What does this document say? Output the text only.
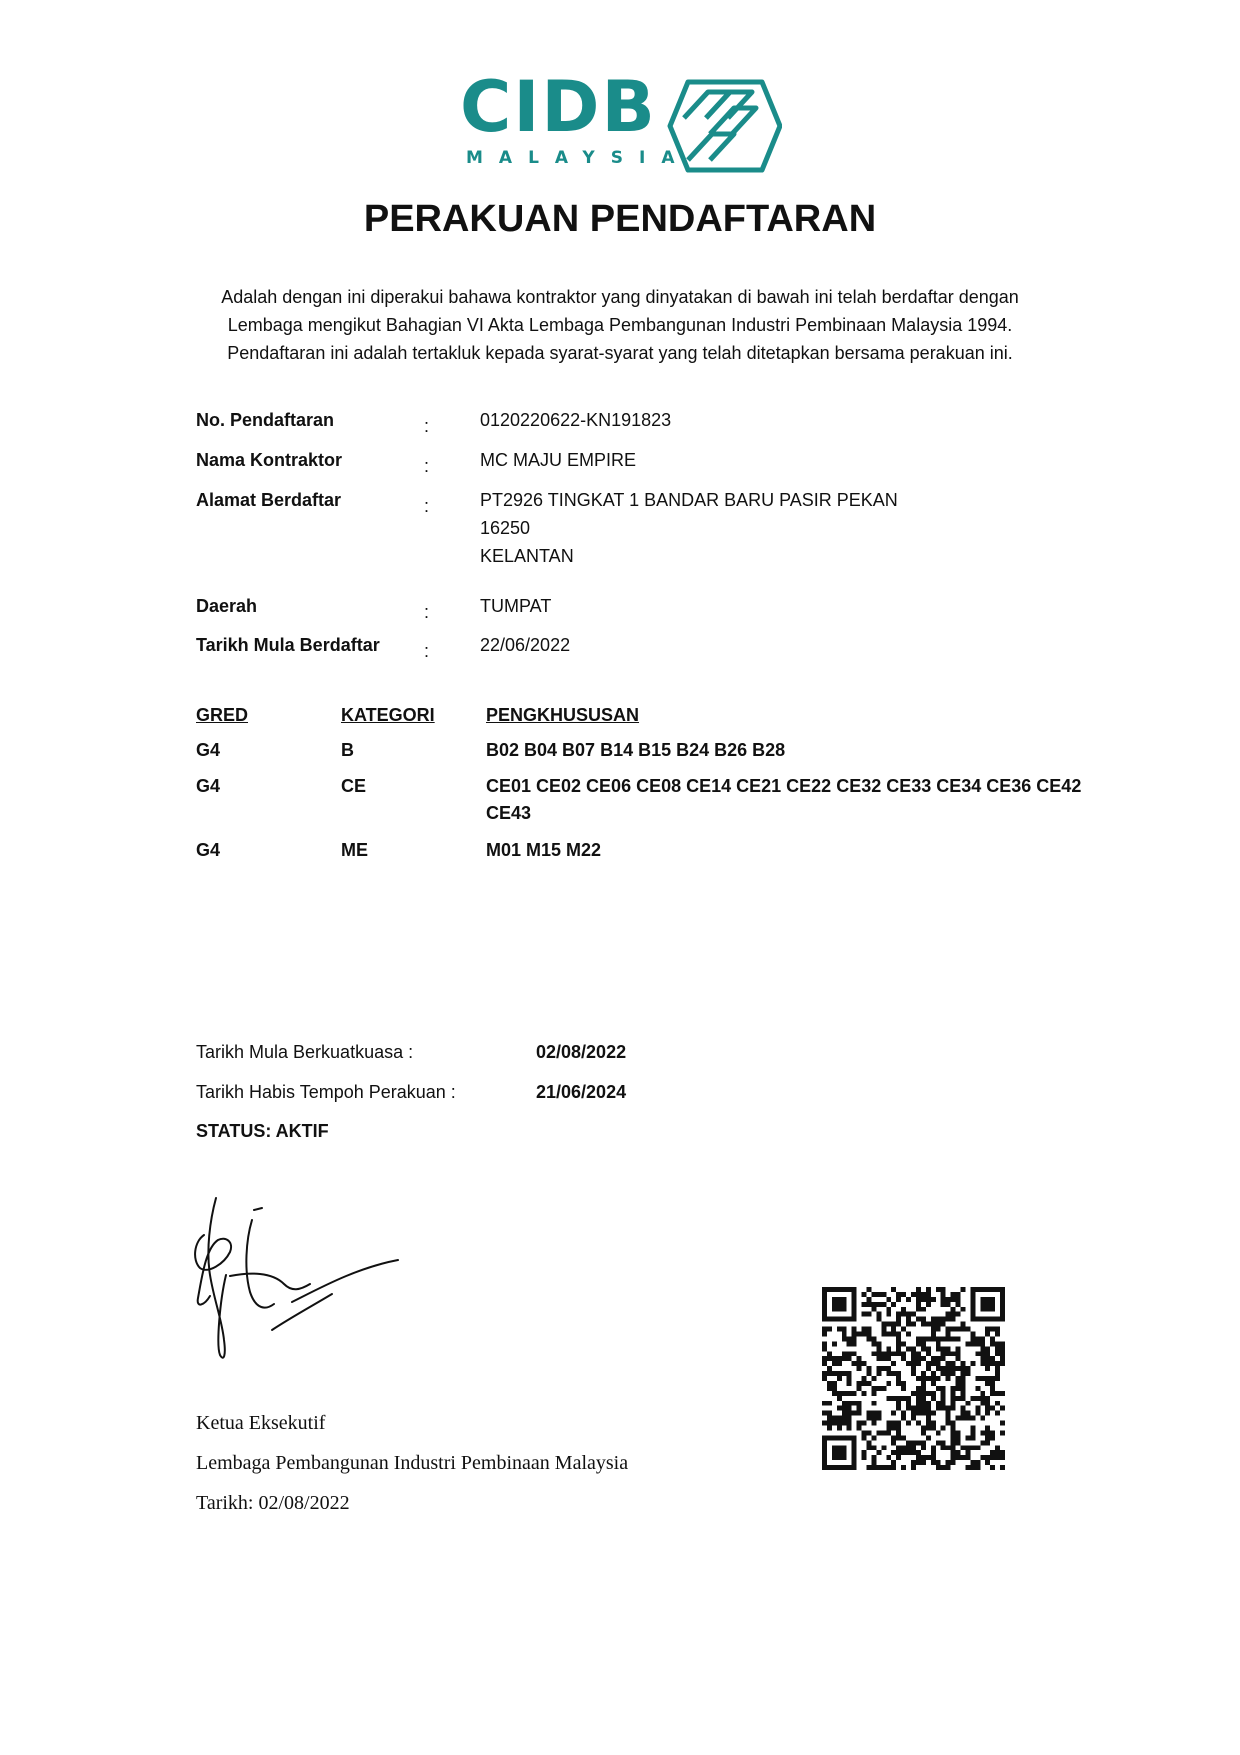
CIDB
MALAYSIA
PERAKUAN PENDAFTARAN
Adalah dengan ini diperakui bahawa kontraktor yang dinyatakan di bawah ini telah berdaftar dengan
Lembaga mengikut Bahagian VI Akta Lembaga Pembangunan Industri Pembinaan Malaysia 1994.
Pendaftaran ini adalah tertakluk kepada syarat-syarat yang telah ditetapkan bersama perakuan ini.
No. Pendaftaran	:	0120220622-KN191823
Nama Kontraktor	:	MC MAJU EMPIRE
Alamat Berdaftar	:	PT2926 TINGKAT 1 BANDAR BARU PASIR PEKAN
16250
KELANTAN
Daerah	:	TUMPAT
Tarikh Mula Berdaftar :	22/06/2022
GRED	KATEGORI	PENGKHUSUSAN
G4	B	B02 B04 B07 B14 B15 B24 B26 B28
G4	CE	CE01 CE02 CE06 CE08 CE14 CE21 CE22 CE32 CE33 CE34 CE36 CE42
CE43
G4	ME	M01 M15 M22
Tarikh Mula Berkuatkuasa :	02/08/2022
Tarikh Habis Tempoh Perakuan :	21/06/2024
STATUS: AKTIF
Ketua Eksekutif
Lembaga Pembangunan Industri Pembinaan Malaysia
Tarikh: 02/08/2022
